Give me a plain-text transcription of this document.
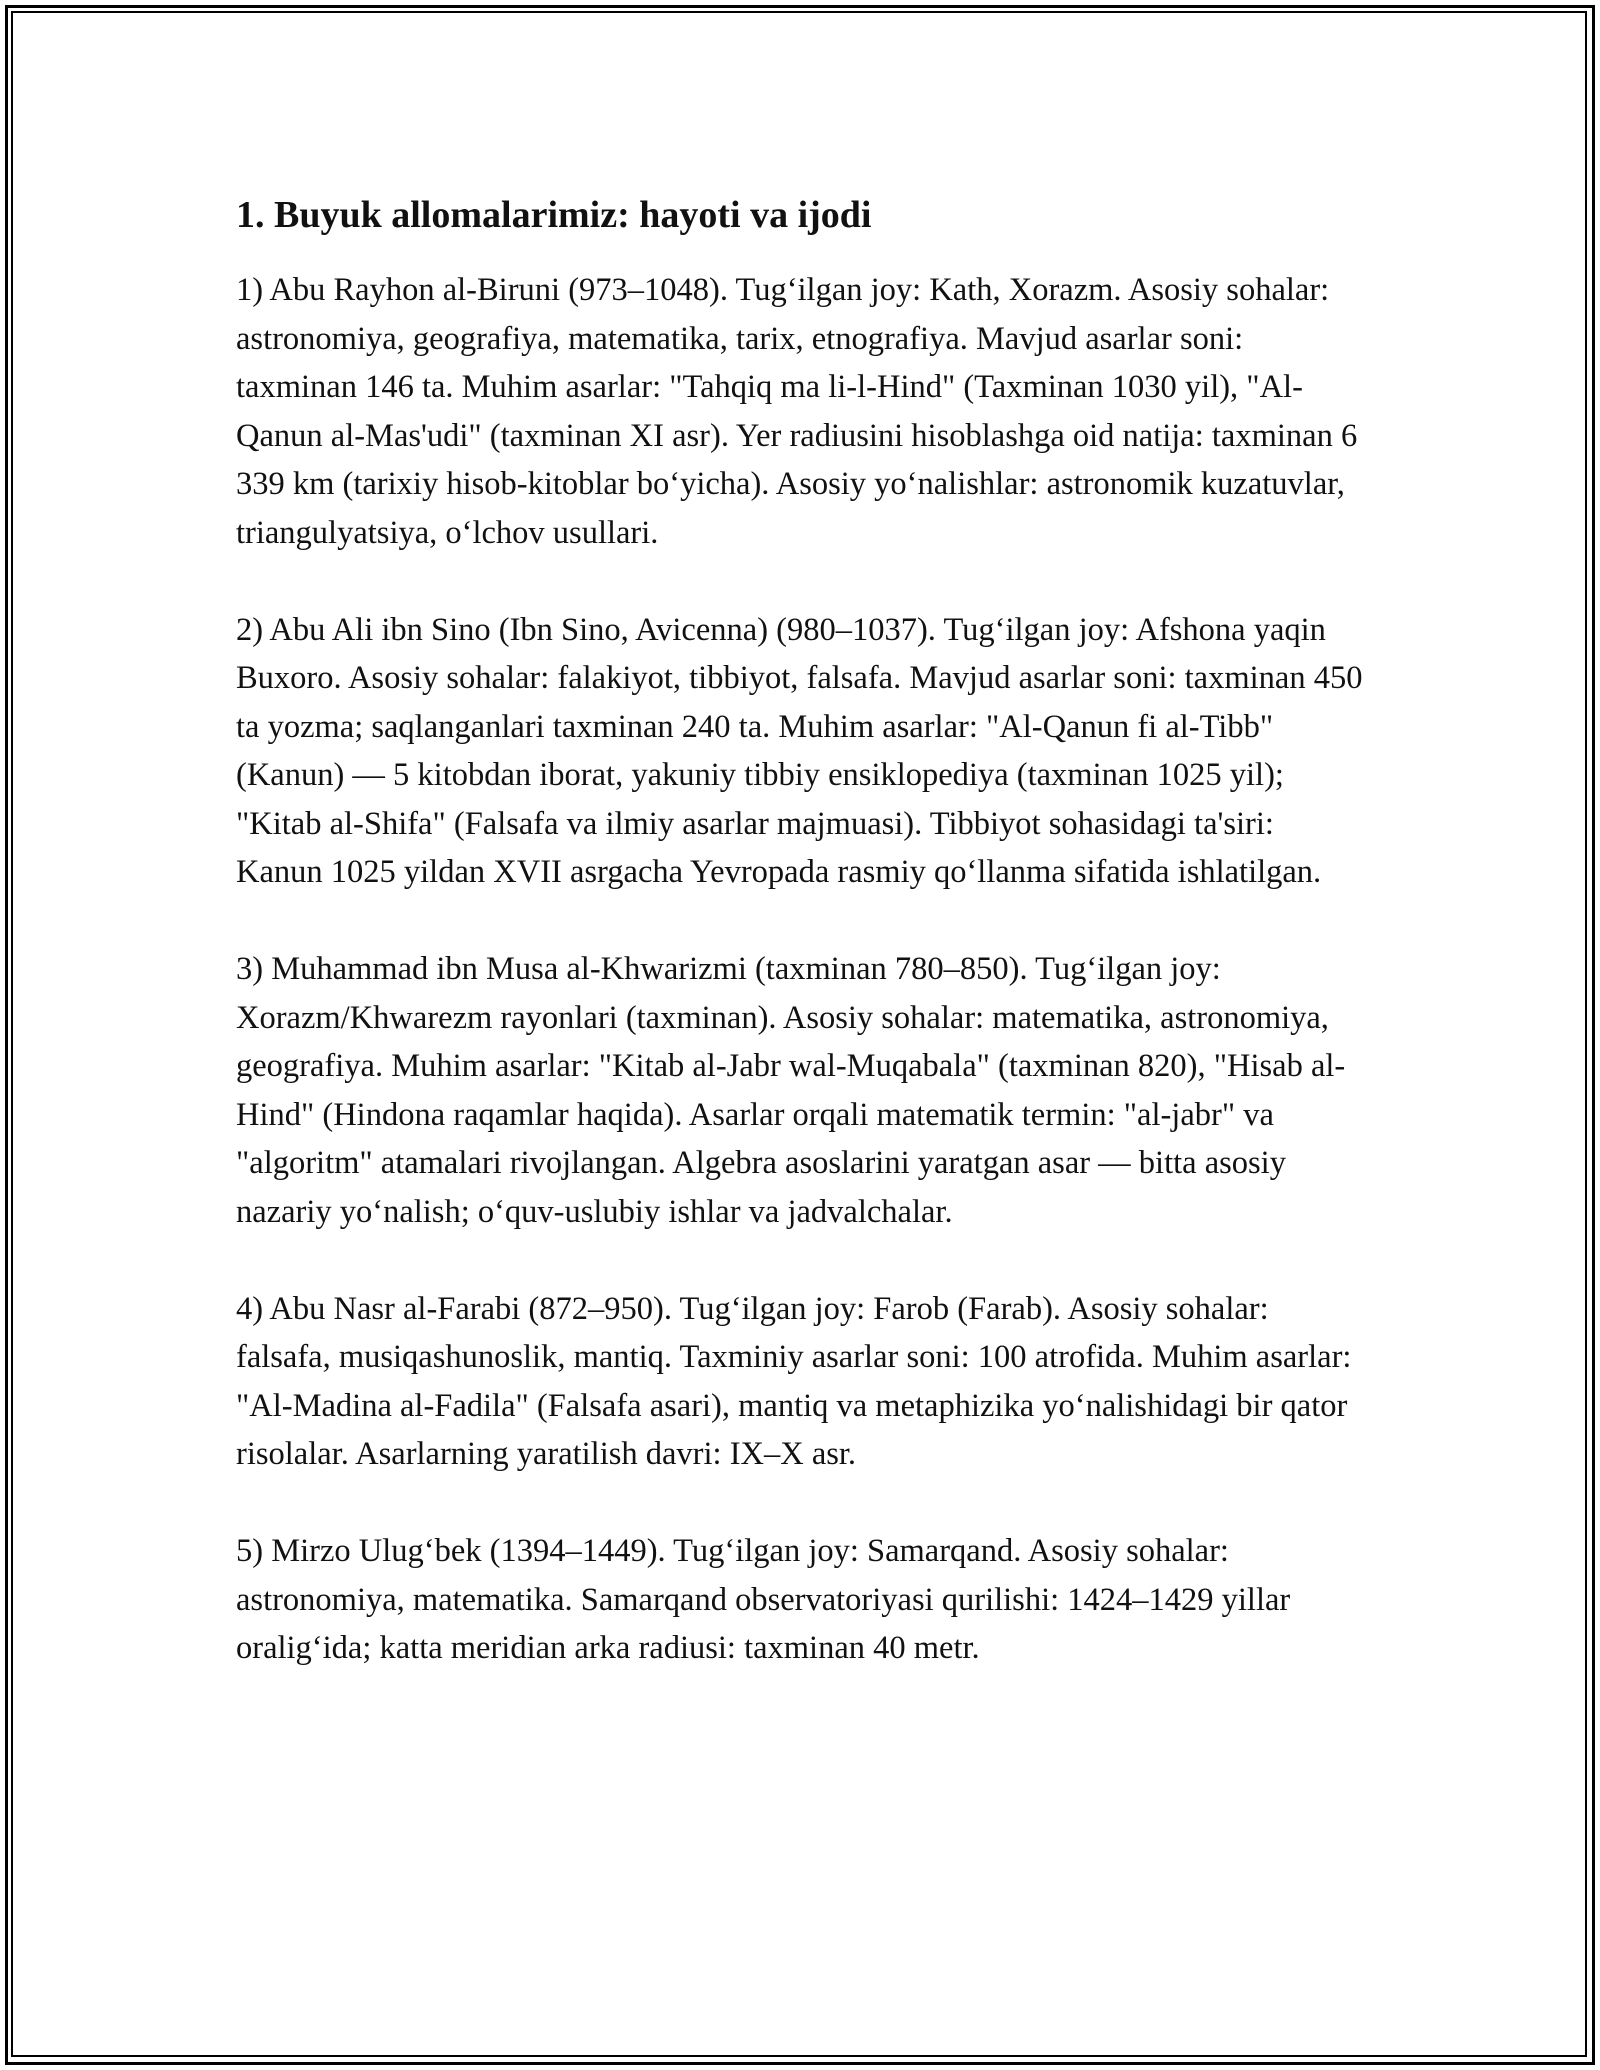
1. Buyuk allomalarimiz: hayoti va ijodi

1) Abu Rayhon al-Biruni (973–1048). Tug‘ilgan joy: Kath, Xorazm. Asosiy sohalar: astronomiya, geografiya, matematika, tarix, etnografiya. Mavjud asarlar soni: taxminan 146 ta. Muhim asarlar: "Tahqiq ma li-l-Hind" (Taxminan 1030 yil), "Al-Qanun al-Mas'udi" (taxminan XI asr). Yer radiusini hisoblashga oid natija: taxminan 6 339 km (tarixiy hisob-kitoblar bo‘yicha). Asosiy yo‘nalishlar: astronomik kuzatuvlar, triangulyatsiya, o‘lchov usullari.

2) Abu Ali ibn Sino (Ibn Sino, Avicenna) (980–1037). Tug‘ilgan joy: Afshona yaqin Buxoro. Asosiy sohalar: falakiyot, tibbiyot, falsafa. Mavjud asarlar soni: taxminan 450 ta yozma; saqlanganlari taxminan 240 ta. Muhim asarlar: "Al-Qanun fi al-Tibb" (Kanun) — 5 kitobdan iborat, yakuniy tibbiy ensiklopediya (taxminan 1025 yil); "Kitab al-Shifa" (Falsafa va ilmiy asarlar majmuasi). Tibbiyot sohasidagi ta'siri: Kanun 1025 yildan XVII asrgacha Yevropada rasmiy qo‘llanma sifatida ishlatilgan.

3) Muhammad ibn Musa al-Khwarizmi (taxminan 780–850). Tug‘ilgan joy: Xorazm/Khwarezm rayonlari (taxminan). Asosiy sohalar: matematika, astronomiya, geografiya. Muhim asarlar: "Kitab al-Jabr wal-Muqabala" (taxminan 820), "Hisab al-Hind" (Hindona raqamlar haqida). Asarlar orqali matematik termin: "al-jabr" va "algoritm" atamalari rivojlangan. Algebra asoslarini yaratgan asar — bitta asosiy nazariy yo‘nalish; o‘quv-uslubiy ishlar va jadvalchalar.

4) Abu Nasr al-Farabi (872–950). Tug‘ilgan joy: Farob (Farab). Asosiy sohalar: falsafa, musiqashunoslik, mantiq. Taxminiy asarlar soni: 100 atrofida. Muhim asarlar: "Al-Madina al-Fadila" (Falsafa asari), mantiq va metaphizika yo‘nalishidagi bir qator risolalar. Asarlarning yaratilish davri: IX–X asr.

5) Mirzo Ulug‘bek (1394–1449). Tug‘ilgan joy: Samarqand. Asosiy sohalar: astronomiya, matematika. Samarqand observatoriyasi qurilishi: 1424–1429 yillar oralig‘ida; katta meridian arka radiusi: taxminan 40 metr.
